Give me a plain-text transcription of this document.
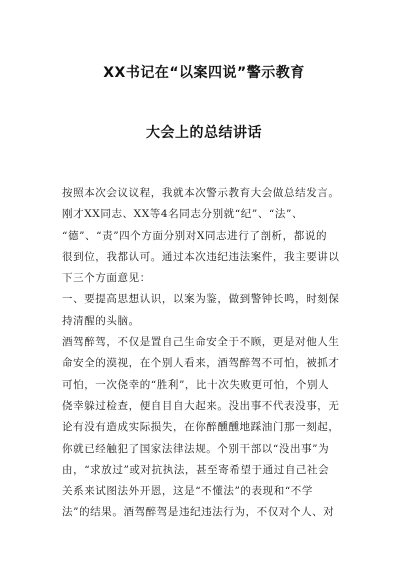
XX书记在“以案四说”警示教育
大会上的总结讲话
按照本次会议议程，我就本次警示教育大会做总结发言。
刚才XX同志、XX等4名同志分别就“纪”、“法”、
“德”、“责”四个方面分别对X同志进行了剖析，都说的
很到位，我都认可。通过本次违纪违法案件，我主要讲以
下三个方面意见：
一、要提高思想认识，以案为鉴，做到警钟长鸣，时刻保
持清醒的头脑。
酒驾醉驾，不仅是置自己生命安全于不顾，更是对他人生
命安全的漠视，在个别人看来，酒驾醉驾不可怕，被抓才
可怕，一次侥幸的“胜利”，比十次失败更可怕，个别人
侥幸躲过检查，便自目自大起来。没出事不代表没事，无
论有没有造成实际损失，在你醉醺醺地踩油门那一刻起，
你就已经触犯了国家法律法规。个别干部以“没出事”为
由，“求放过”或对抗执法，甚至寄希望于通过自己社会
关系来试图法外开恩，这是“不懂法”的表现和“不学
法”的结果。酒驾醉驾是违纪违法行为，不仅对个人、对
